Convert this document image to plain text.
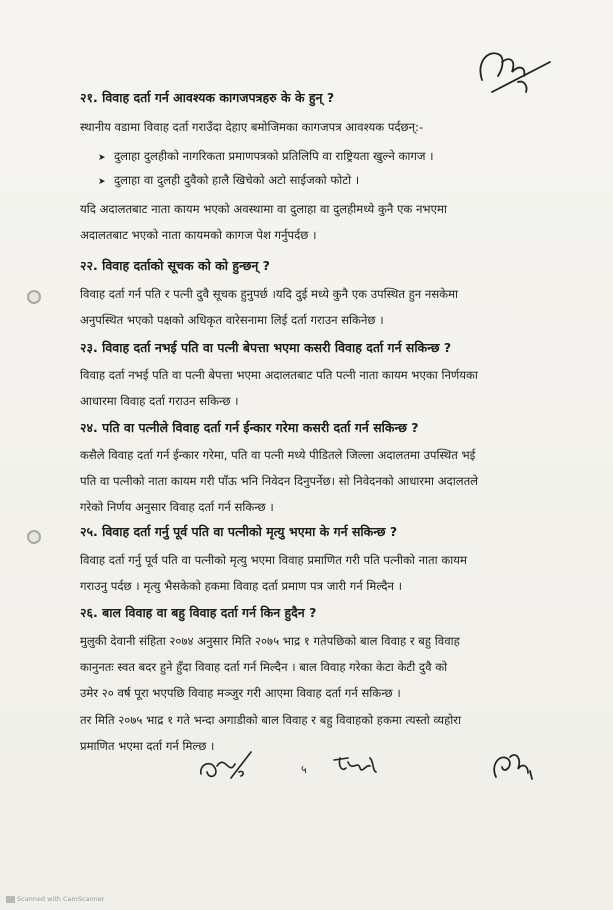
२१. विवाह दर्ता गर्न आवश्यक कागजपत्रहरु के के हुन् ?
स्थानीय वडामा विवाह दर्ता गराउँदा देहाए बमोजिमका कागजपत्र आवश्यक पर्दछन्:-
➤ दुलाहा दुलहीको नागरिकता प्रमाणपत्रको प्रतिलिपि वा राष्ट्रियता खुल्ने कागज ।
➤ दुलाहा वा दुलही दुवैको हालै खिचेको अटो साईजको फोटो ।
यदि अदालतबाट नाता कायम भएको अवस्थामा वा दुलाहा वा दुलहीमध्ये कुनै एक नभएमा
अदालतबाट भएको नाता कायमको कागज पेश गर्नुपर्दछ ।
२२. विवाह दर्ताको सूचक को को हुन्छन् ?
विवाह दर्ता गर्न पति र पत्नी दुवै सूचक हुनुपर्छ ।यदि दुई मध्ये कुनै एक उपस्थित हुन नसकेमा
अनुपस्थित भएको पक्षको अधिकृत वारेसनामा लिई दर्ता गराउन सकिनेछ ।
२३. विवाह दर्ता नभई पति वा पत्नी बेपत्ता भएमा कसरी विवाह दर्ता गर्न सकिन्छ ?
विवाह दर्ता नभई पति वा पत्नी बेपत्ता भएमा अदालतबाट पति पत्नी नाता कायम भएका निर्णयका
आधारमा विवाह दर्ता गराउन सकिन्छ ।
२४. पति वा पत्नीले विवाह दर्ता गर्न ईन्कार गरेमा कसरी दर्ता गर्न सकिन्छ ?
कसैले विवाह दर्ता गर्न ईन्कार गरेमा, पति वा पत्नी मध्ये पीडितले जिल्ला अदालतमा उपस्थित भई
पति वा पत्नीको नाता कायम गरी पाँऊ भनि निवेदन दिनुपर्नेछ। सो निवेदनको आधारमा अदालतले
गरेको निर्णय अनुसार विवाह दर्ता गर्न सकिन्छ ।
२५. विवाह दर्ता गर्नु पूर्व पति वा पत्नीको मृत्यु भएमा के गर्न सकिन्छ ?
विवाह दर्ता गर्नु पूर्व पति वा पत्नीको मृत्यु भएमा विवाह प्रमाणित गरी पति पत्नीको नाता कायम
गराउनु पर्दछ । मृत्यु भैसकेको हकमा विवाह दर्ता प्रमाण पत्र जारी गर्न मिल्दैन ।
२६. बाल विवाह वा बहु विवाह दर्ता गर्न किन हुदैन ?
मुलुकी देवानी संहिता २०७४ अनुसार मिति २०७५ भाद्र १ गतेपछिको बाल विवाह र बहु विवाह
कानुनतः स्वत बदर हुने हुँदा विवाह दर्ता गर्न मिल्दैन । बाल विवाह गरेका केटा केटी दुवै को
उमेर २० वर्ष पूरा भएपछि विवाह मञ्जुर गरी आएमा विवाह दर्ता गर्न सकिन्छ ।
तर मिति २०७५ भाद्र १ गते भन्दा अगाडीको बाल विवाह र बहु विवाहको हकमा त्यस्तो व्यहोरा
प्रमाणित भएमा दर्ता गर्न मिल्छ ।
५
Scanned with CamScanner
